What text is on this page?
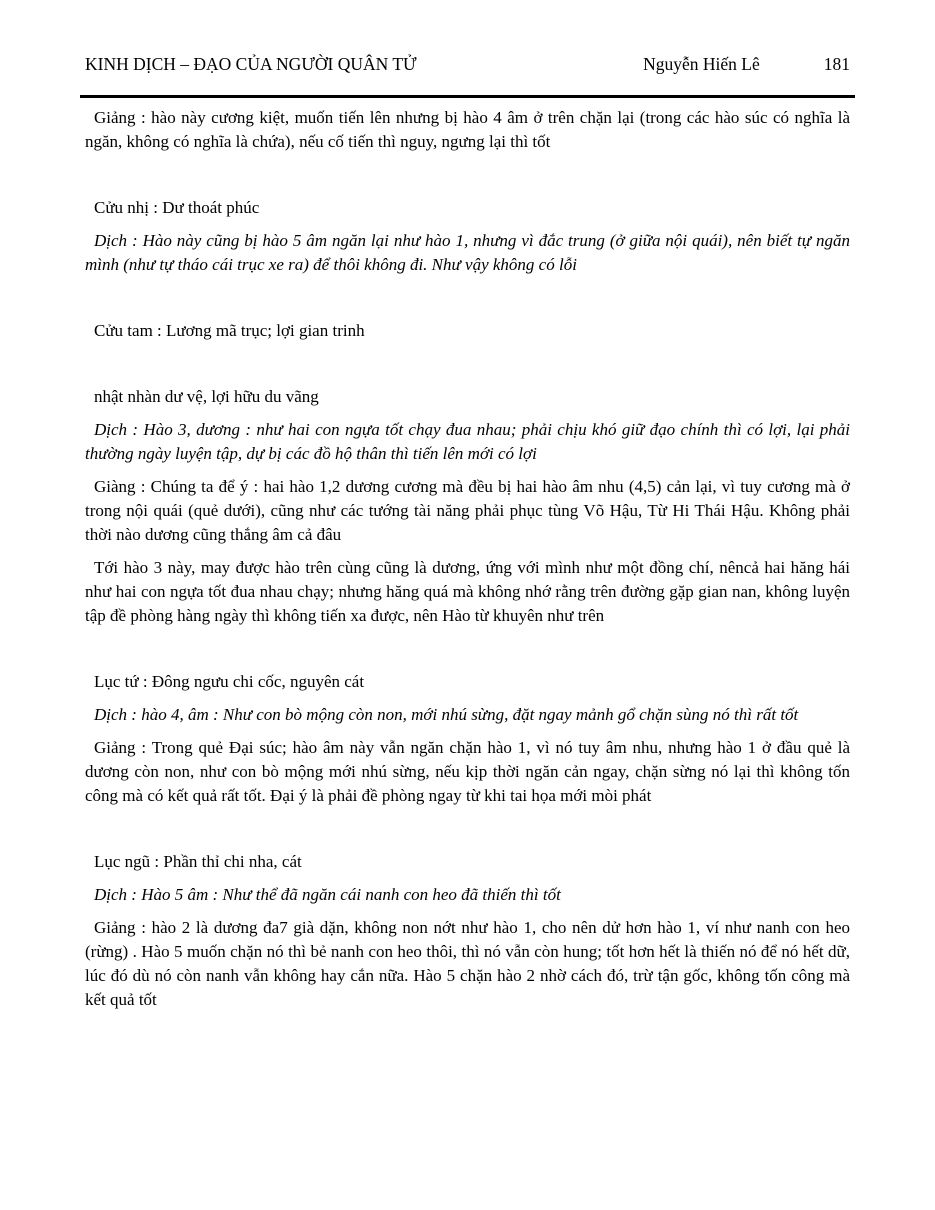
KINH DỊCH – ĐẠO CỦA NGƯỜI QUÂN TỬ	Nguyễn Hiến Lê	181

Giảng : hào này cương kiệt, muốn tiến lên nhưng bị hào 4 âm ở trên chặn lại (trong các hào súc có nghĩa là ngăn, không có nghĩa là chứa), nếu cố tiến thì nguy, ngưng lại thì tốt

Cửu nhị : Dư thoát phúc

Dịch : Hào này cũng bị hào 5 âm ngăn lại như hào 1, nhưng vì đắc trung (ở giữa nội quái), nên biết tự ngăn mình (như tự tháo cái trục xe ra) để thôi không đi. Như vậy không có lỗi

Cửu tam : Lương mã trục; lợi gian trinh

nhật nhàn dư vệ, lợi hữu du vãng

Dịch : Hào 3, dương : như hai con ngựa tốt chạy đua nhau; phải chịu khó giữ đạo chính thì có lợi, lại phải thường ngày luyện tập, dự bị các đồ hộ thân thì tiến lên mới có lợi

Giàng : Chúng ta để ý : hai hào 1,2 dương cương mà đều bị hai hào âm nhu (4,5) cản lại, vì tuy cương mà ở trong nội quái (quẻ dưới), cũng như các tướng tài năng phải phục tùng Võ Hậu, Từ Hi Thái Hậu. Không phải thời nào dương cũng thắng âm cả đâu

Tới hào 3 này, may được hào trên cùng cũng là dương, ứng với mình như một đồng chí, nêncả hai hăng hái như hai con ngựa tốt đua nhau chạy; nhưng hăng quá mà không nhớ rằng trên đường gặp gian nan, không luyện tập đề phòng hàng ngày thì không tiến xa được, nên Hào từ khuyên như trên

Lục tứ : Đông ngưu chi cốc, nguyên cát

Dịch : hào 4, âm : Như con bò mộng còn non, mới nhú sừng, đặt ngay mảnh gổ chặn sùng nó thì rất tốt

Giảng : Trong quẻ Đại súc; hào âm này vẫn ngăn chặn hào 1, vì nó tuy âm nhu, nhưng hào 1 ở đầu quẻ là dương còn non, như con bò mộng mới nhú sừng, nếu kịp thời ngăn cản ngay, chặn sừng nó lại thì không tốn công mà có kết quả rất tốt. Đại ý là phải đề phòng ngay từ khi tai họa mới mòi phát

Lục ngũ : Phần thỉ chi nha, cát

Dịch : Hào 5 âm : Như thể đã ngăn cái nanh con heo đã thiến thì tốt

Giảng : hào 2 là dương đa7 già dặn, không non nớt như hào 1, cho nên dử hơn hào 1, ví như nanh con heo (rừng) . Hào 5 muốn chặn nó thì bẻ nanh con heo thôi, thì nó vẫn còn hung; tốt hơn hết là thiến nó để nó hết dữ, lúc đó dù nó còn nanh vẫn không hay cắn nữa. Hào 5 chặn hào 2 nhờ cách đó, trừ tận gốc, không tốn công mà kết quả tốt
